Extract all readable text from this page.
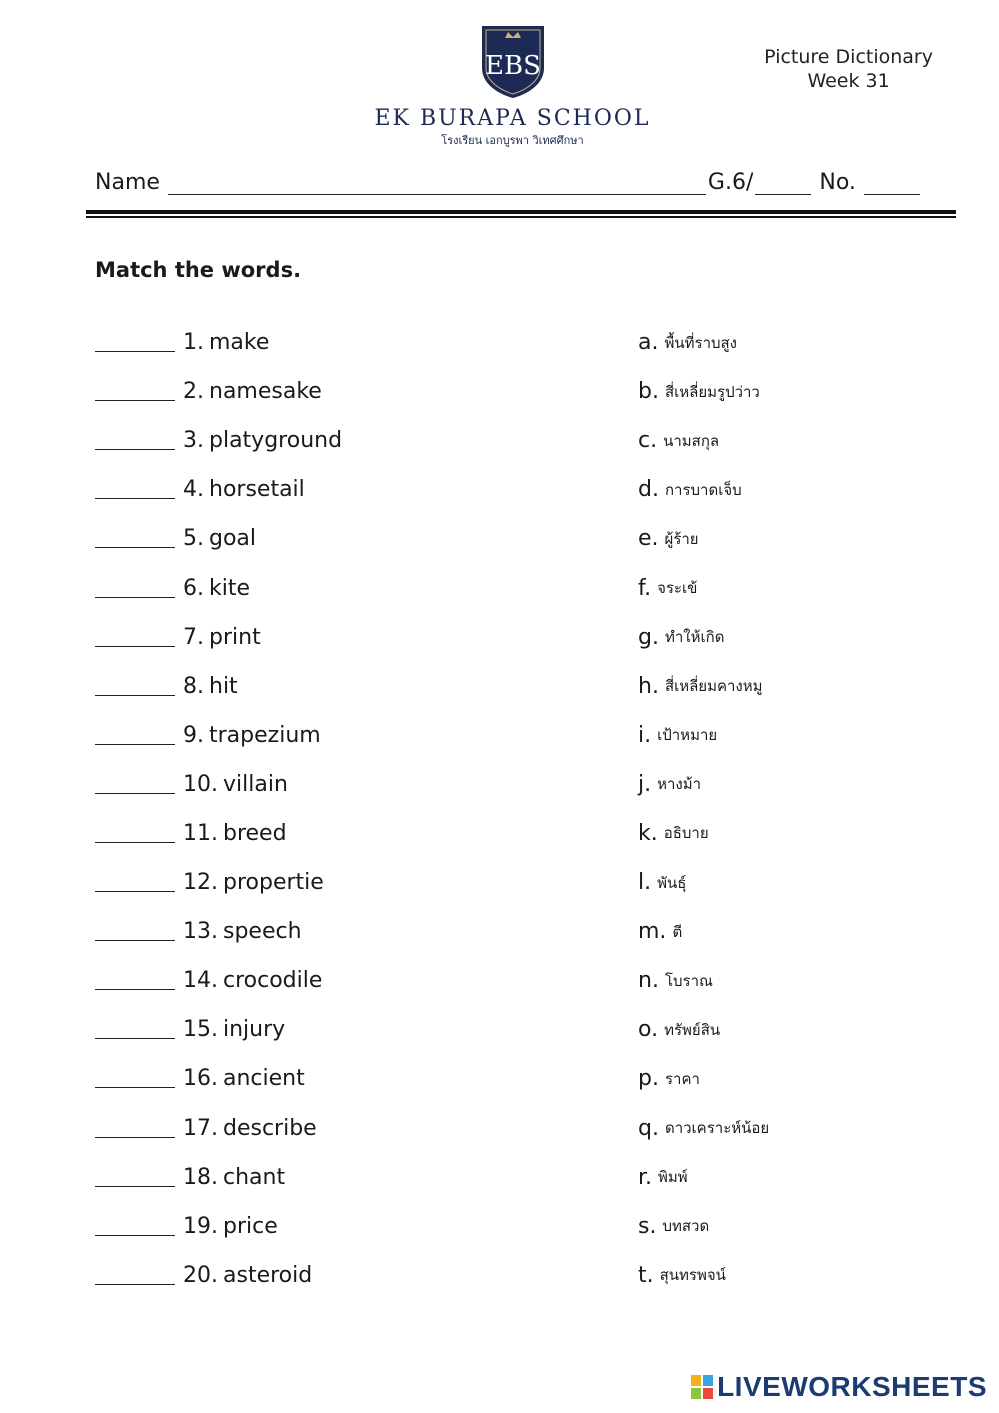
EBS
EK BURAPA SCHOOL
โรงเรียน เอกบูรพา วิเทศศึกษา
Picture Dictionary
Week 31
Name	G.6/	No.
Match the words.
1. make
2. namesake
3. platyground
4. horsetail
5. goal
6. kite
7. print
8. hit
9. trapezium
10. villain
11. breed
12. propertie
13. speech
14. crocodile
15. injury
16. ancient
17. describe
18. chant
19. price
20. asteroid
a. พื้นที่ราบสูง
b. สี่เหลี่ยมรูปว่าว
c. นามสกุล
d. การบาดเจ็บ
e. ผู้ร้าย
f. จระเข้
g. ทำให้เกิด
h. สี่เหลี่ยมคางหมู
i. เป้าหมาย
j. หางม้า
k. อธิบาย
l. พันธุ์
m. ตี
n. โบราณ
o. ทรัพย์สิน
p. ราคา
q. ดาวเคราะห์น้อย
r. พิมพ์
s. บทสวด
t. สุนทรพจน์
LIVEWORKSHEETS
